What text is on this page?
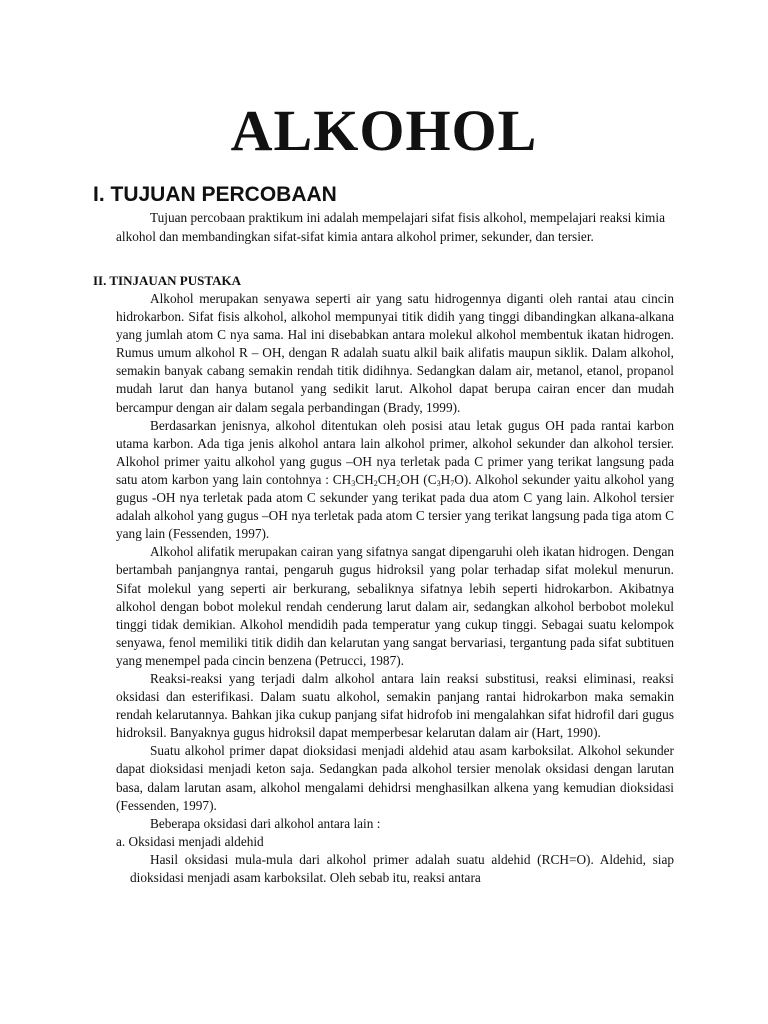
ALKOHOL
I. TUJUAN PERCOBAAN

Tujuan percobaan praktikum ini adalah mempelajari sifat fisis alkohol, mempelajari reaksi kimia alkohol dan membandingkan sifat-sifat kimia antara alkohol primer, sekunder, dan tersier.

II. TINJAUAN PUSTAKA

Alkohol merupakan senyawa seperti air yang satu hidrogennya diganti oleh rantai atau cincin hidrokarbon. Sifat fisis alkohol, alkohol mempunyai titik didih yang tinggi dibandingkan alkana-alkana yang jumlah atom C nya sama. Hal ini disebabkan antara molekul alkohol membentuk ikatan hidrogen. Rumus umum alkohol R – OH, dengan R adalah suatu alkil baik alifatis maupun siklik. Dalam alkohol, semakin banyak cabang semakin rendah titik didihnya. Sedangkan dalam air, metanol, etanol, propanol mudah larut dan hanya butanol yang sedikit larut. Alkohol dapat berupa cairan encer dan mudah bercampur dengan air dalam segala perbandingan (Brady, 1999).

Berdasarkan jenisnya, alkohol ditentukan oleh posisi atau letak gugus OH pada rantai karbon utama karbon. Ada tiga jenis alkohol antara lain alkohol primer, alkohol sekunder dan alkohol tersier. Alkohol primer yaitu alkohol yang gugus –OH nya terletak pada C primer yang terikat langsung pada satu atom karbon yang lain contohnya : $CH_3CH_2CH_2OH$ $(C_3H_7O)$. Alkohol sekunder yaitu alkohol yang gugus -OH nya terletak pada atom C sekunder yang terikat pada dua atom C yang lain. Alkohol tersier adalah alkohol yang gugus –OH nya terletak pada atom C tersier yang terikat langsung pada tiga atom C yang lain (Fessenden, 1997).

Alkohol alifatik merupakan cairan yang sifatnya sangat dipengaruhi oleh ikatan hidrogen. Dengan bertambah panjangnya rantai, pengaruh gugus hidroksil yang polar terhadap sifat molekul menurun. Sifat molekul yang seperti air berkurang, sebaliknya sifatnya lebih seperti hidrokarbon. Akibatnya alkohol dengan bobot molekul rendah cenderung larut dalam air, sedangkan alkohol berbobot molekul tinggi tidak demikian. Alkohol mendidih pada temperatur yang cukup tinggi. Sebagai suatu kelompok senyawa, fenol memiliki titik didih dan kelarutan yang sangat bervariasi, tergantung pada sifat subtituen yang menempel pada cincin benzena (Petrucci, 1987).

Reaksi-reaksi yang terjadi dalm alkohol antara lain reaksi substitusi, reaksi eliminasi, reaksi oksidasi dan esterifikasi. Dalam suatu alkohol, semakin panjang rantai hidrokarbon maka semakin rendah kelarutannya. Bahkan jika cukup panjang sifat hidrofob ini mengalahkan sifat hidrofil dari gugus hidroksil. Banyaknya gugus hidroksil dapat memperbesar kelarutan dalam air (Hart, 1990).

Suatu alkohol primer dapat dioksidasi menjadi aldehid atau asam karboksilat. Alkohol sekunder dapat dioksidasi menjadi keton saja. Sedangkan pada alkohol tersier menolak oksidasi dengan larutan basa, dalam larutan asam, alkohol mengalami dehidrsi menghasilkan alkena yang kemudian dioksidasi (Fessenden, 1997).

Beberapa oksidasi dari alkohol antara lain :

a. Oksidasi menjadi aldehid

Hasil oksidasi mula-mula dari alkohol primer adalah suatu aldehid (RCH=O). Aldehid, siap dioksidasi menjadi asam karboksilat. Oleh sebab itu, reaksi antara
